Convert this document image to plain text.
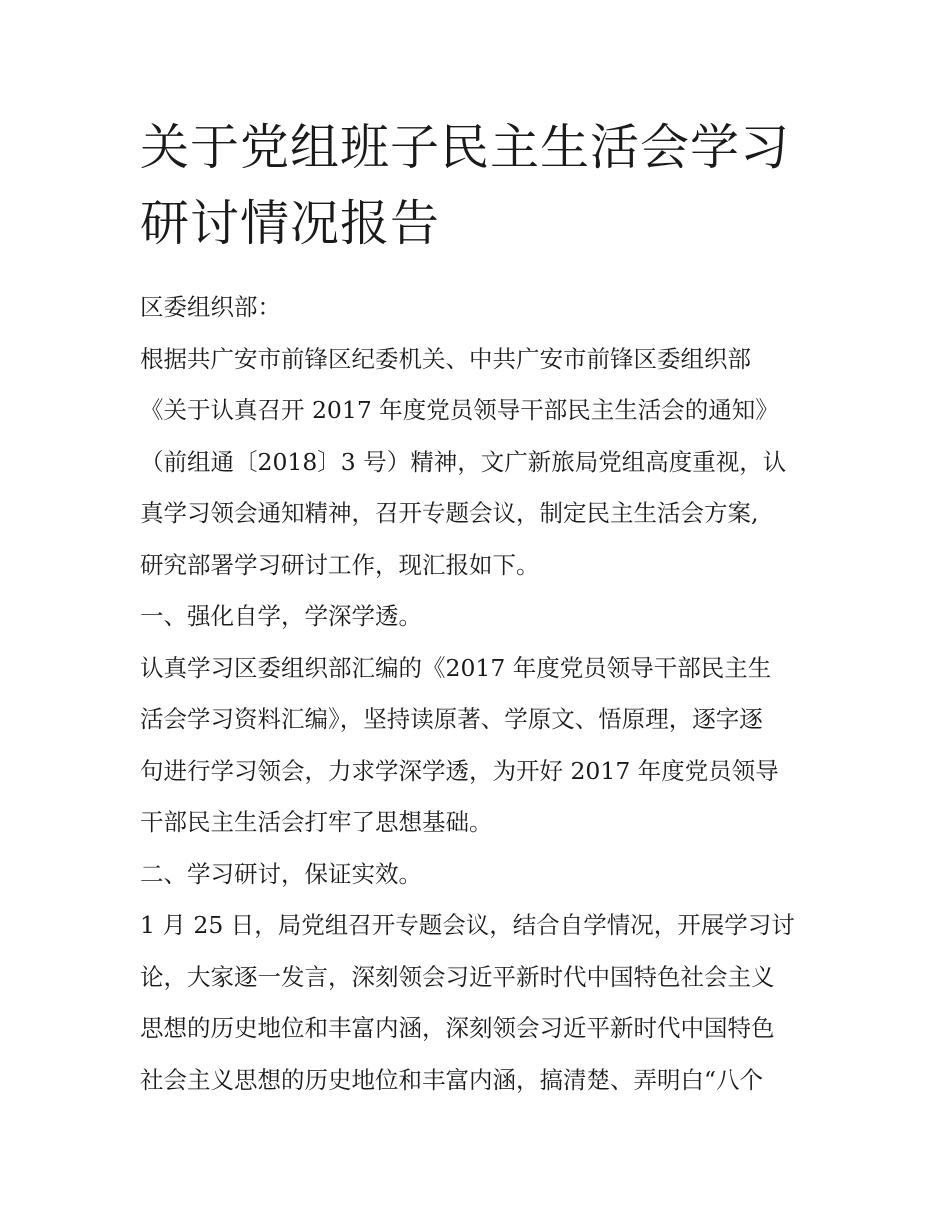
关于党组班子民主生活会学习
研讨情况报告
区委组织部：
根据共广安市前锋区纪委机关、中共广安市前锋区委组织部
《关于认真召开 2017 年度党员领导干部民主生活会的通知》
（前组通〔2018〕3 号）精神，文广新旅局党组高度重视，认
真学习领会通知精神，召开专题会议，制定民主生活会方案,
研究部署学习研讨工作，现汇报如下。
一、强化自学，学深学透。
认真学习区委组织部汇编的《2017 年度党员领导干部民主生
活会学习资料汇编》，坚持读原著、学原文、悟原理，逐字逐
句进行学习领会，力求学深学透，为开好 2017 年度党员领导
干部民主生活会打牢了思想基础。
二、学习研讨，保证实效。
1 月 25 日，局党组召开专题会议，结合自学情况，开展学习讨
论，大家逐一发言，深刻领会习近平新时代中国特色社会主义
思想的历史地位和丰富内涵，深刻领会习近平新时代中国特色
社会主义思想的历史地位和丰富内涵，搞清楚、弄明白“八个
